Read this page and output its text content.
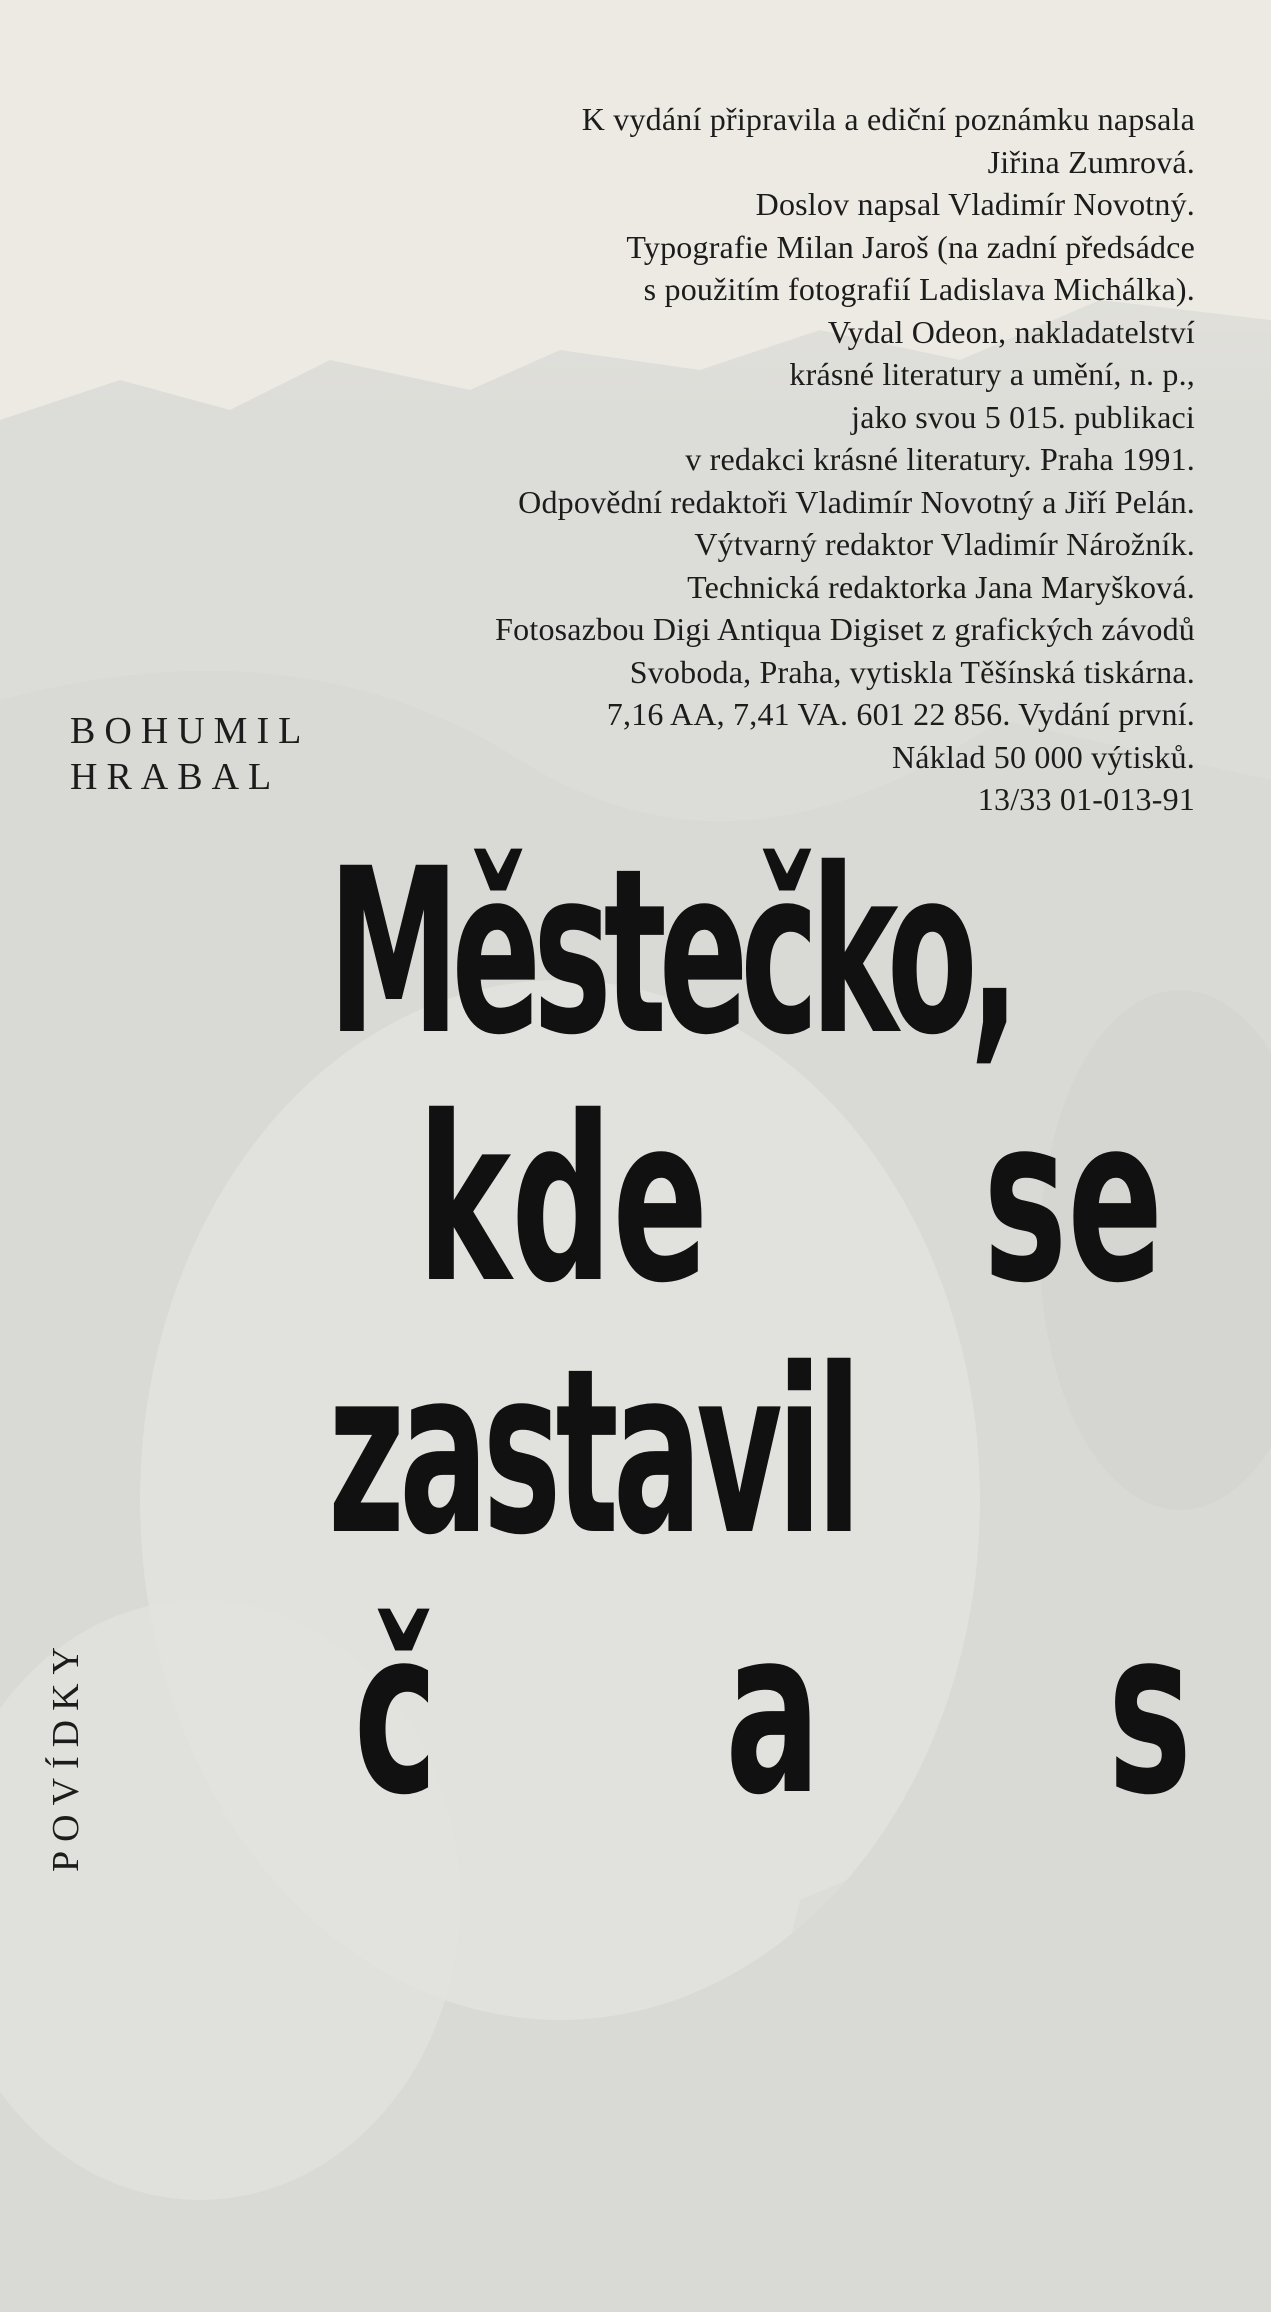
K vydání připravila a ediční poznámku napsala
Jiřina Zumrová.
Doslov napsal Vladimír Novotný.
Typografie Milan Jaroš (na zadní předsádce
s použitím fotografií Ladislava Michálka).
Vydal Odeon, nakladatelství
krásné literatury a umění, n. p.,
jako svou 5 015. publikaci
v redakci krásné literatury. Praha 1991.
Odpovědní redaktoři Vladimír Novotný a Jiří Pelán.
Výtvarný redaktor Vladimír Nárožník.
Technická redaktorka Jana Maryšková.
Fotosazbou Digi Antiqua Digiset z grafických závodů
Svoboda, Praha, vytiskla Těšínská tiskárna.
7,16 AA, 7,41 VA. 601 22 856. Vydání první.
Náklad 50 000 výtisků.
13/33 01-013-91
BOHUMIL
HRABAL
Městečko,
kde se
zastavil
č a s
POVÍDKY
